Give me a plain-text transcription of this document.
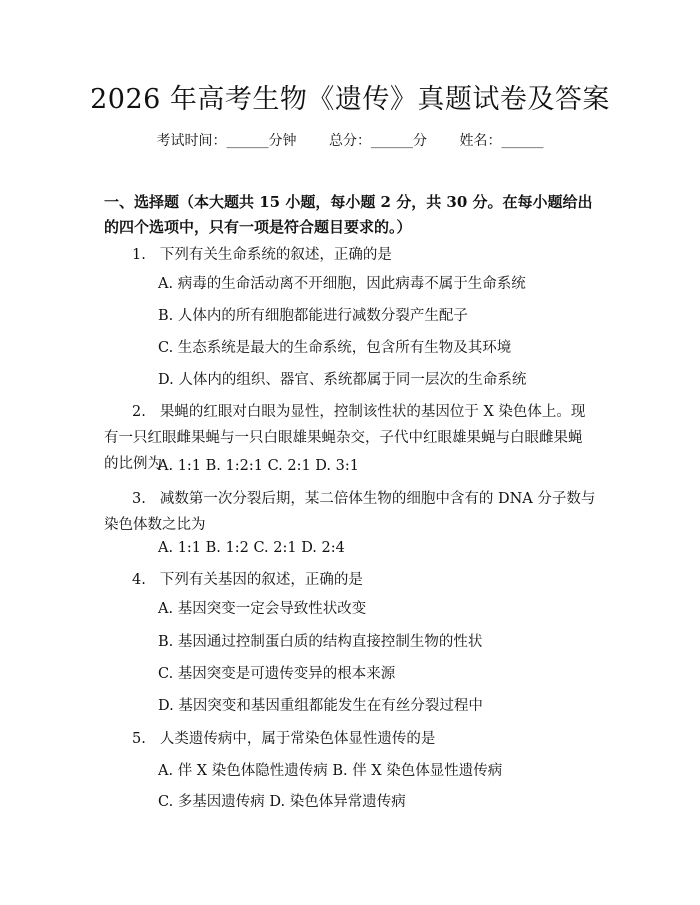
2026 年高考生物《遗传》真题试卷及答案
考试时间：______分钟 总分：______分 姓名：______
一、选择题（本大题共 15 小题，每小题 2 分，共 30 分。在每小题给出的四个选项中，只有一项是符合题目要求的。）
1. 下列有关生命系统的叙述，正确的是
A. 病毒的生命活动离不开细胞，因此病毒不属于生命系统
B. 人体内的所有细胞都能进行减数分裂产生配子
C. 生态系统是最大的生命系统，包含所有生物及其环境
D. 人体内的组织、器官、系统都属于同一层次的生命系统
2. 果蝇的红眼对白眼为显性，控制该性状的基因位于 X 染色体上。现有一只红眼雌果蝇与一只白眼雄果蝇杂交，子代中红眼雄果蝇与白眼雌果蝇的比例为
A. 1:1 B. 1:2:1 C. 2:1 D. 3:1
3. 减数第一次分裂后期，某二倍体生物的细胞中含有的 DNA 分子数与染色体数之比为
A. 1:1 B. 1:2 C. 2:1 D. 2:4
4. 下列有关基因的叙述，正确的是
A. 基因突变一定会导致性状改变
B. 基因通过控制蛋白质的结构直接控制生物的性状
C. 基因突变是可遗传变异的根本来源
D. 基因突变和基因重组都能发生在有丝分裂过程中
5. 人类遗传病中，属于常染色体显性遗传的是
A. 伴 X 染色体隐性遗传病 B. 伴 X 染色体显性遗传病
C. 多基因遗传病 D. 染色体异常遗传病
